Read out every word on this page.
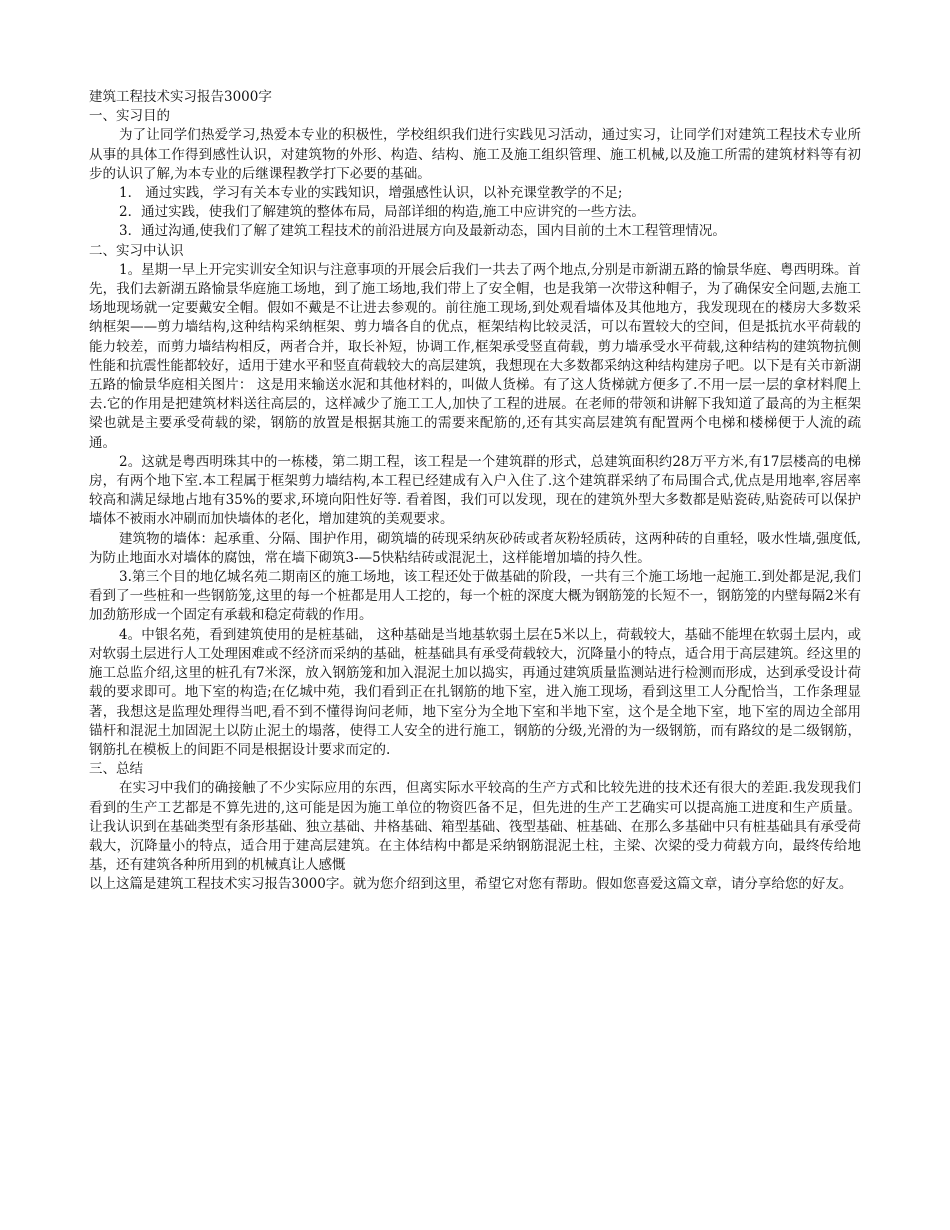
建筑工程技术实习报告3000字

一、实习目的

为了让同学们热爱学习,热爱本专业的积极性，学校组织我们进行实践见习活动，通过实习，让同学们对建筑工程技术专业所从事的具体工作得到感性认识，对建筑物的外形、构造、结构、施工及施工组织管理、施工机械,以及施工所需的建筑材料等有初步的认识了解,为本专业的后继课程教学打下必要的基础。

1． 通过实践，学习有关本专业的实践知识，增强感性认识，以补充课堂教学的不足;

2．通过实践，使我们了解建筑的整体布局，局部详细的构造,施工中应讲究的一些方法。

3．通过沟通,使我们了解了建筑工程技术的前沿进展方向及最新动态，国内目前的土木工程管理情况。

二、实习中认识

1。星期一早上开完实训安全知识与注意事项的开展会后我们一共去了两个地点,分别是市新湖五路的愉景华庭、粤西明珠。首先，我们去新湖五路愉景华庭施工场地，到了施工场地,我们带上了安全帽，也是我第一次带这种帽子，为了确保安全问题,去施工场地现场就一定要戴安全帽。假如不戴是不让进去参观的。前往施工现场,到处观看墙体及其他地方，我发现现在的楼房大多数采纳框架——剪力墙结构,这种结构采纳框架、剪力墙各自的优点，框架结构比较灵活，可以布置较大的空间，但是抵抗水平荷载的能力较差，而剪力墙结构相反，两者合并，取长补短，协调工作,框架承受竖直荷载，剪力墙承受水平荷载,这种结构的建筑物抗侧性能和抗震性能都较好，适用于建水平和竖直荷载较大的高层建筑，我想现在大多数都采纳这种结构建房子吧。以下是有关市新湖五路的愉景华庭相关图片： 这是用来输送水泥和其他材料的，叫做人货梯。有了这人货梯就方便多了.不用一层一层的拿材料爬上去.它的作用是把建筑材料送往高层的，这样减少了施工工人,加快了工程的进展。在老师的带领和讲解下我知道了最高的为主框架梁也就是主要承受荷载的梁，钢筋的放置是根据其施工的需要来配筋的,还有其实高层建筑有配置两个电梯和楼梯便于人流的疏通。

2。这就是粤西明珠其中的一栋楼，第二期工程，该工程是一个建筑群的形式，总建筑面积约28万平方米,有17层楼高的电梯房，有两个地下室.本工程属于框架剪力墙结构,本工程已经建成有入户入住了.这个建筑群采纳了布局围合式,优点是用地率,容居率较高和满足绿地占地有35%的要求,环境向阳性好等. 看着图，我们可以发现，现在的建筑外型大多数都是贴瓷砖,贴瓷砖可以保护墙体不被雨水冲刷而加快墙体的老化，增加建筑的美观要求。

建筑物的墙体：起承重、分隔、围护作用，砌筑墙的砖现采纳灰砂砖或者灰粉轻质砖，这两种砖的自重轻，吸水性墙,强度低,为防止地面水对墙体的腐蚀，常在墙下砌筑3-—5快粘结砖或混泥土，这样能增加墙的持久性。

3.第三个目的地亿城名苑二期南区的施工场地，该工程还处于做基础的阶段，一共有三个施工场地一起施工.到处都是泥,我们看到了一些桩和一些钢筋笼,这里的每一个桩都是用人工挖的，每一个桩的深度大概为钢筋笼的长短不一，钢筋笼的内壁每隔2米有加劲筋形成一个固定有承载和稳定荷载的作用。

4。中银名苑，看到建筑使用的是桩基础， 这种基础是当地基软弱土层在5米以上，荷载较大，基础不能埋在软弱土层内，或对软弱土层进行人工处理困难或不经济而采纳的基础，桩基础具有承受荷载较大，沉降量小的特点，适合用于高层建筑。经这里的施工总监介绍,这里的桩孔有7米深，放入钢筋笼和加入混泥土加以捣实，再通过建筑质量监测站进行检测而形成，达到承受设计荷载的要求即可。地下室的构造;在亿城中苑，我们看到正在扎钢筋的地下室，进入施工现场，看到这里工人分配恰当，工作条理显著，我想这是监理处理得当吧,看不到不懂得询问老师，地下室分为全地下室和半地下室，这个是全地下室，地下室的周边全部用锚杆和混泥土加固泥土以防止泥土的塌落，使得工人安全的进行施工，钢筋的分级,光滑的为一级钢筋，而有路纹的是二级钢筋，钢筋扎在模板上的间距不同是根据设计要求而定的.

三、总结

在实习中我们的确接触了不少实际应用的东西，但离实际水平较高的生产方式和比较先进的技术还有很大的差距.我发现我们看到的生产工艺都是不算先进的,这可能是因为施工单位的物资匹备不足，但先进的生产工艺确实可以提高施工进度和生产质量。让我认识到在基础类型有条形基础、独立基础、井格基础、箱型基础、筏型基础、桩基础、在那么多基础中只有桩基础具有承受荷载大，沉降量小的特点，适合用于建高层建筑。在主体结构中都是采纳钢筋混泥土柱，主梁、次梁的受力荷载方向，最终传给地基，还有建筑各种所用到的机械真让人感慨

以上这篇是建筑工程技术实习报告3000字。就为您介绍到这里，希望它对您有帮助。假如您喜爱这篇文章，请分享给您的好友。
